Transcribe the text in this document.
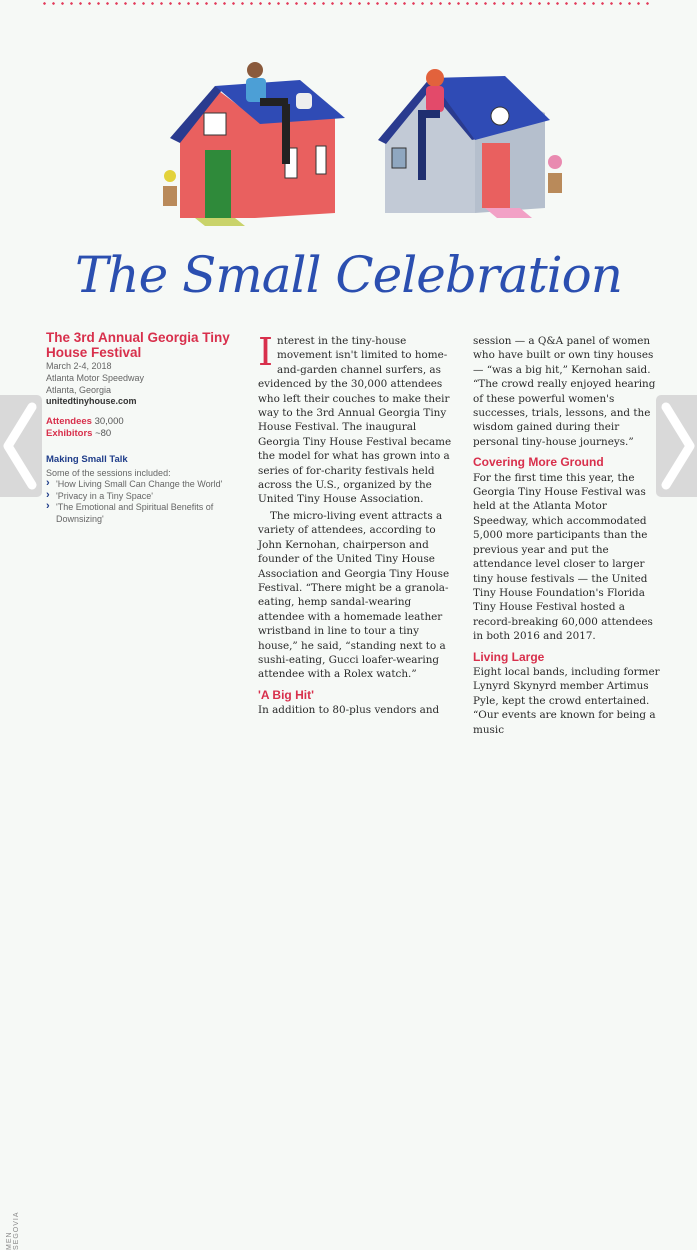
The Small Celebration
The 3rd Annual Georgia Tiny House Festival
March 2-4, 2018
Atlanta Motor Speedway
Atlanta, Georgia
unitedtinyhouse.com
Attendees 30,000
Exhibitors ~80
Making Small Talk
Some of the sessions included:
› 'How Living Small Can Change the World'
› 'Privacy in a Tiny Space'
› 'The Emotional and Spiritual Benefits of Downsizing'

Interest in the tiny-house movement isn't limited to home-and-garden channel surfers, as evidenced by the 30,000 attendees who left their couches to make their way to the 3rd Annual Georgia Tiny House Festival. The inaugural Georgia Tiny House Festival became the model for what has grown into a series of for-charity festivals held across the U.S., organized by the United Tiny House Association.

The micro-living event attracts a variety of attendees, according to John Kernohan, chairperson and founder of the United Tiny House Association and Georgia Tiny House Festival. “There might be a granola-eating, hemp sandal-wearing attendee with a homemade leather wristband in line to tour a tiny house,” he said, “standing next to a sushi-eating, Gucci loafer-wearing attendee with a Rolex watch.”

'A Big Hit'

In addition to 80-plus vendors and

session — a Q&A panel of women who have built or own tiny houses — “was a big hit,” Kernohan said. “The crowd really enjoyed hearing of these powerful women's successes, trials, lessons, and the wisdom gained during their personal tiny-house journeys.”

Covering More Ground

For the first time this year, the Georgia Tiny House Festival was held at the Atlanta Motor Speedway, which accommodated 5,000 more participants than the previous year and put the attendance level closer to larger tiny house festivals — the United Tiny House Foundation's Florida Tiny House Festival hosted a record-breaking 60,000 attendees in both 2016 and 2017.

Living Large

Eight local bands, including former Lynyrd Skynyrd member Artimus Pyle, kept the crowd entertained. “Our events are known for being a music

MEN SEGOVIA
